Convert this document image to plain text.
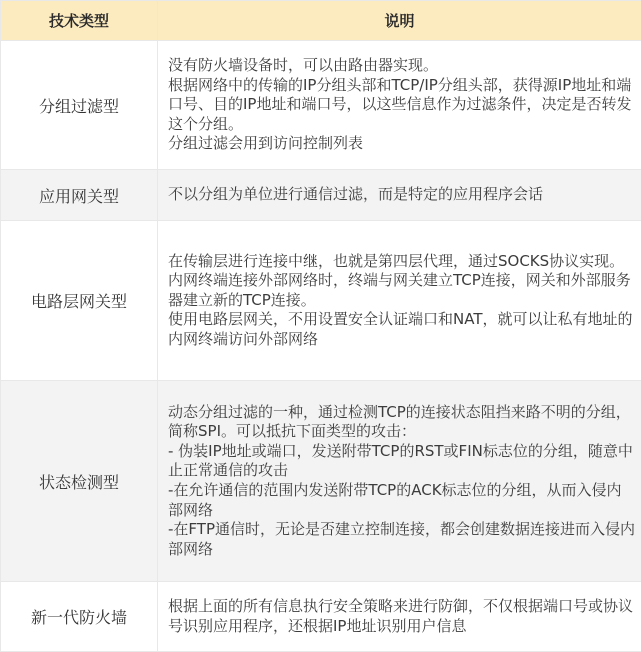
技术类型	说明
分组过滤型	没有防火墙设备时，可以由路由器实现。
根据网络中的传输的IP分组头部和TCP/IP分组头部，获得源IP地址和端口号、目的IP地址和端口号，以这些信息作为过滤条件，决定是否转发这个分组。
分组过滤会用到访问控制列表

应用网关型	不以分组为单位进行通信过滤，而是特定的应用程序会话

电路层网关型	在传输层进行连接中继，也就是第四层代理，通过SOCKS协议实现。
内网终端连接外部网络时，终端与网关建立TCP连接，网关和外部服务器建立新的TCP连接。
使用电路层网关，不用设置安全认证端口和NAT，就可以让私有地址的内网终端访问外部网络

状态检测型	动态分组过滤的一种，通过检测TCP的连接状态阻挡来路不明的分组，简称SPI。可以抵抗下面类型的攻击：
- 伪装IP地址或端口，发送附带TCP的RST或FIN标志位的分组，随意中止正常通信的攻击
-在允许通信的范围内发送附带TCP的ACK标志位的分组，从而入侵内部网络
-在FTP通信时，无论是否建立控制连接，都会创建数据连接进而入侵内部网络

新一代防火墙	根据上面的所有信息执行安全策略来进行防御，不仅根据端口号或协议号识别应用程序，还根据IP地址识别用户信息
